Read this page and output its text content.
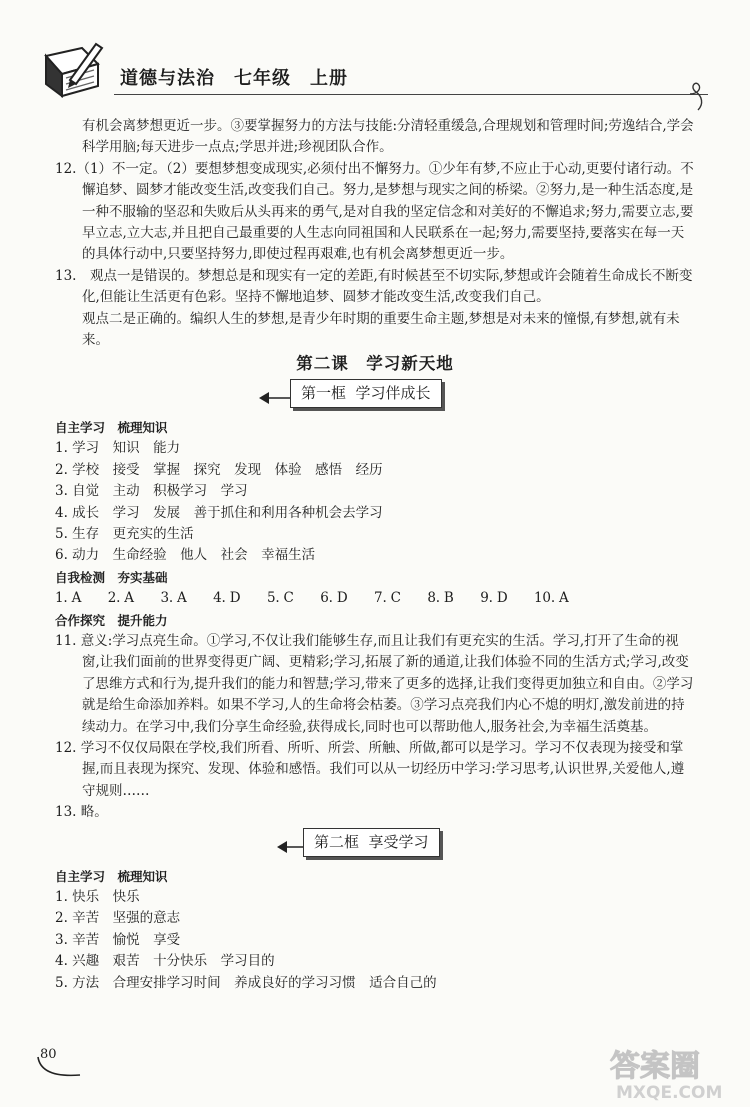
道德与法治　七年级　上册

有机会离梦想更近一步。③要掌握努力的方法与技能:分清轻重缓急,合理规划和管理时间;劳逸结合,学会科学用脑;每天进步一点点;学思并进;珍视团队合作。

12.（1）不一定。（2）要想梦想变成现实,必须付出不懈努力。①少年有梦,不应止于心动,更要付诸行动。不懈追梦、圆梦才能改变生活,改变我们自己。努力,是梦想与现实之间的桥梁。②努力,是一种生活态度,是一种不服输的坚忍和失败后从头再来的勇气,是对自我的坚定信念和对美好的不懈追求;努力,需要立志,要早立志,立大志,并且把自己最重要的人生志向同祖国和人民联系在一起;努力,需要坚持,要落实在每一天的具体行动中,只要坚持努力,即使过程再艰难,也有机会离梦想更近一步。

13.　观点一是错误的。梦想总是和现实有一定的差距,有时候甚至不切实际,梦想或许会随着生命成长不断变化,但能让生活更有色彩。坚持不懈地追梦、圆梦才能改变生活,改变我们自己。

观点二是正确的。编织人生的梦想,是青少年时期的重要生命主题,梦想是对未来的憧憬,有梦想,就有未来。

第二课　学习新天地
第一框  学习伴成长

自主学习　梳理知识

1. 学习　知识　能力

2. 学校　接受　掌握　探究　发现　体验　感悟　经历

3. 自觉　主动　积极学习　学习

4. 成长　学习　发展　善于抓住和利用各种机会去学习

5. 生存　更充实的生活

6. 动力　生命经验　他人　社会　幸福生活

自我检测　夯实基础

1. A　　2. A　　3. A　　4. D　　5. C　　6. D　　7. C　　8. B　　9. D　　10. A

合作探究　提升能力

11. 意义:学习点亮生命。①学习,不仅让我们能够生存,而且让我们有更充实的生活。学习,打开了生命的视窗,让我们面前的世界变得更广阔、更精彩;学习,拓展了新的通道,让我们体验不同的生活方式;学习,改变了思维方式和行为,提升我们的能力和智慧;学习,带来了更多的选择,让我们变得更加独立和自由。②学习就是给生命添加养料。如果不学习,人的生命将会枯萎。③学习点亮我们内心不熄的明灯,激发前进的持续动力。在学习中,我们分享生命经验,获得成长,同时也可以帮助他人,服务社会,为幸福生活奠基。

12. 学习不仅仅局限在学校,我们所看、所听、所尝、所触、所做,都可以是学习。学习不仅表现为接受和掌握,而且表现为探究、发现、体验和感悟。我们可以从一切经历中学习:学习思考,认识世界,关爱他人,遵守规则……

13. 略。

第二框  享受学习

自主学习　梳理知识

1. 快乐　快乐

2. 辛苦　坚强的意志

3. 辛苦　愉悦　享受

4. 兴趣　艰苦　十分快乐　学习目的

5. 方法　合理安排学习时间　养成良好的学习习惯　适合自己的

80	答案圈
MXQE.COM
